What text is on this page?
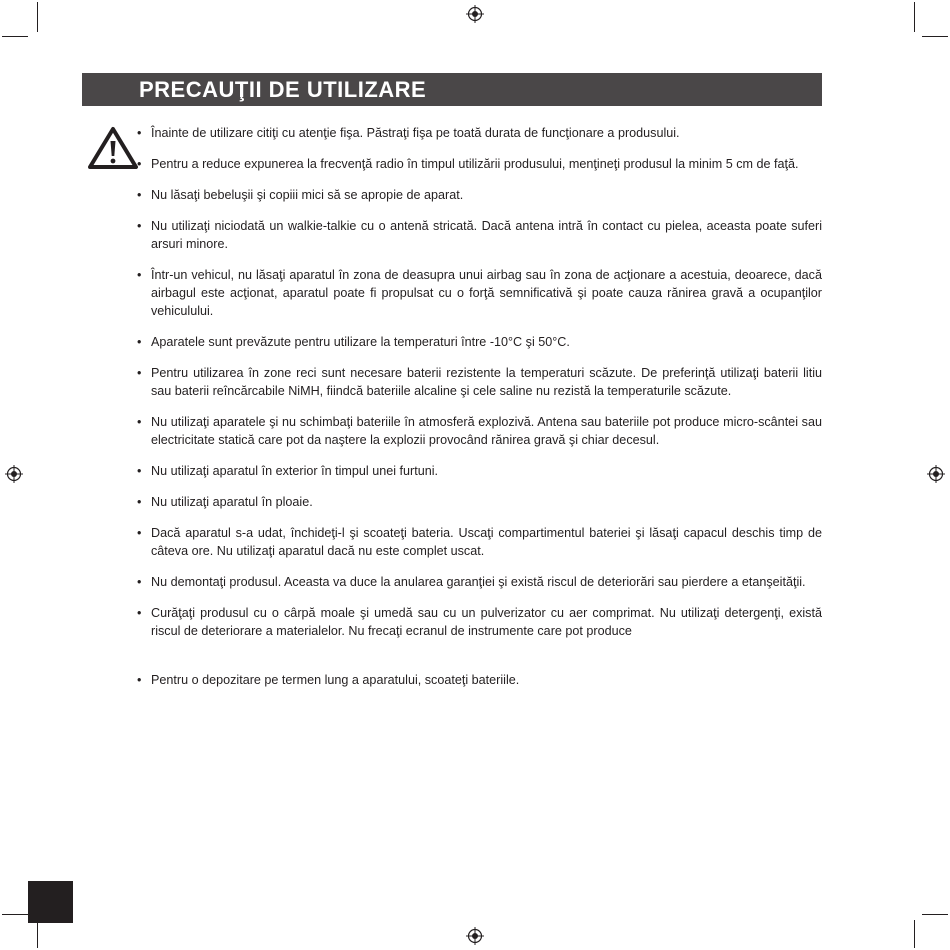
PRECAUŢII DE UTILIZARE
• Înainte de utilizare citiţi cu atenţie fişa. Păstraţi fişa pe toată durata de funcţionare a produsului.
• Pentru a reduce expunerea la frecvenţă radio în timpul utilizării produsului, menţineţi produsul la minim 5 cm de faţă.
• Nu lăsaţi bebeluşii şi copiii mici să se apropie de aparat.
• Nu utilizaţi niciodată un walkie-talkie cu o antenă stricată. Dacă antena intră în contact cu pielea, aceasta poate suferi arsuri minore.
• Într-un vehicul, nu lăsaţi aparatul în zona de deasupra unui airbag sau în zona de acţionare a acestuia, deoarece, dacă airbagul este acţionat, aparatul poate fi propulsat cu o forţă semnificativă şi poate cauza rănirea gravă a ocupanţilor vehiculului.
• Aparatele sunt prevăzute pentru utilizare la temperaturi între -10°C şi 50°C.
• Pentru utilizarea în zone reci sunt necesare baterii rezistente la temperaturi scăzute. De preferinţă utilizaţi baterii litiu sau baterii reîncărcabile NiMH, fiindcă bateriile alcaline şi cele saline nu rezistă la temperaturile scăzute.
• Nu utilizaţi aparatele şi nu schimbaţi bateriile în atmosferă explozivă. Antena sau bateriile pot produce micro-scântei sau electricitate statică care pot da naştere la explozii provocând rănirea gravă şi chiar decesul.
• Nu utilizaţi aparatul în exterior în timpul unei furtuni.
• Nu utilizaţi aparatul în ploaie.
• Dacă aparatul s-a udat, închideţi-l şi scoateţi bateria. Uscaţi compartimentul bateriei şi lăsaţi capacul deschis timp de câteva ore. Nu utilizaţi aparatul dacă nu este complet uscat.
• Nu demontaţi produsul. Aceasta va duce la anularea garanţiei şi există riscul de deteriorări sau pierdere a etanşeităţii.
• Curăţaţi produsul cu o cârpă moale şi umedă sau cu un pulverizator cu aer comprimat. Nu utilizaţi detergenţi, există riscul de deteriorare a materialelor. Nu frecaţi ecranul de instrumente care pot produce
• Pentru o depozitare pe termen lung a aparatului, scoateţi bateriile.
